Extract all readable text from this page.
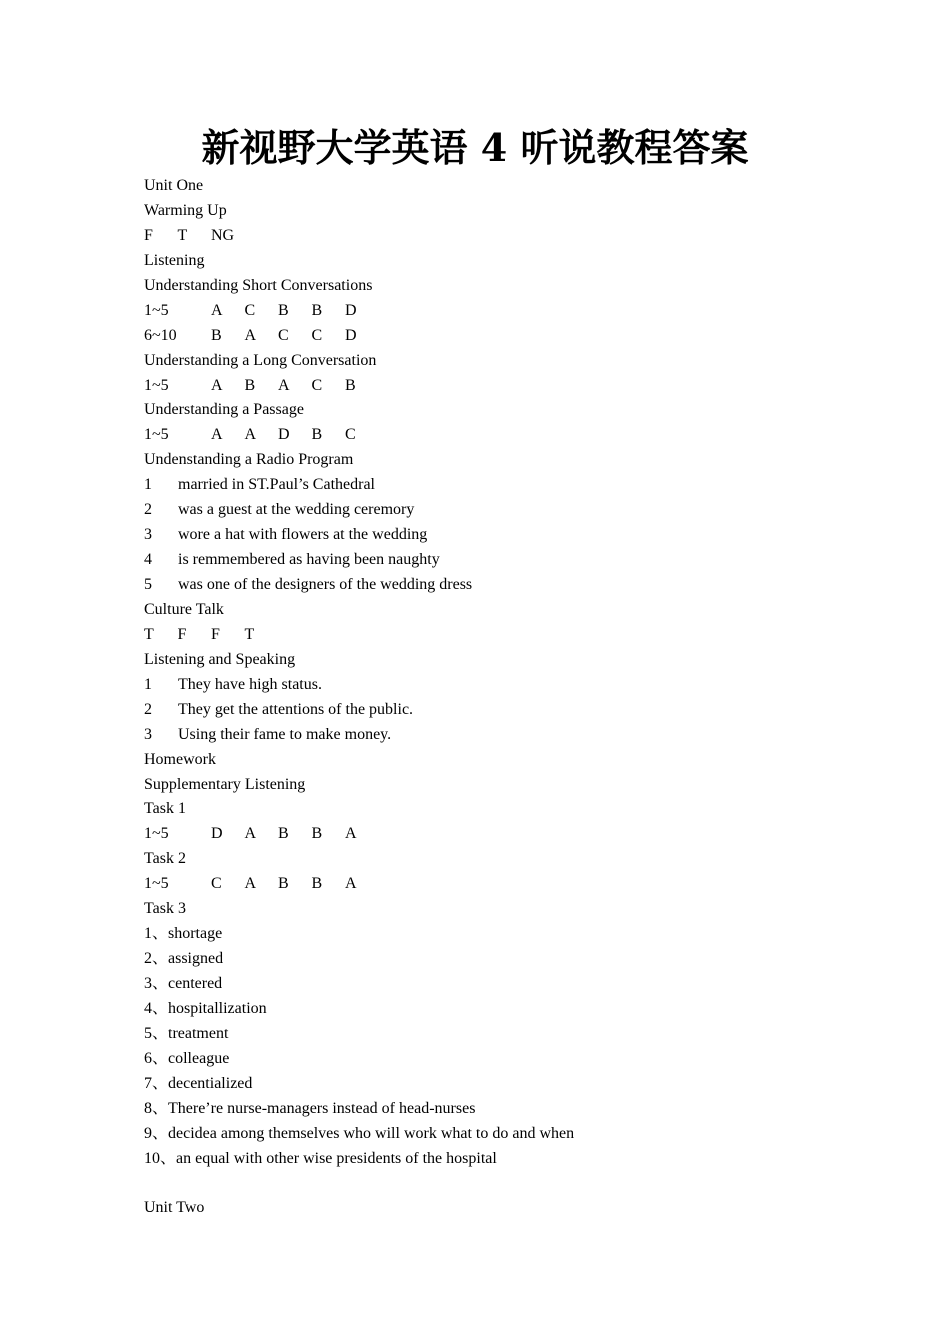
新视野大学英语 4 听说教程答案
Unit One
Warming Up
F T NG
Listening
Understanding Short Conversations
1~5	A C B B D
6~10 B A C C D
Understanding a Long Conversation
1~5	A B A C B
Understanding a Passage
1~5	A A D B C
Undenstanding a Radio Program
1 married in ST.Paul’s Cathedral
2 was a guest at the wedding ceremory
3 wore a hat with flowers at the wedding
4 is remmembered as having been naughty
5 was one of the designers of the wedding dress
Culture Talk
T F F T
Listening and Speaking
1 They have high status.
2 They get the attentions of the public.
3 Using their fame to make money.
Homework
Supplementary Listening
Task 1
1~5	D A B B A
Task 2
1~5	C A B B A
Task 3
1、shortage
2、assigned
3、centered
4、hospitallization
5、treatment
6、colleague
7、decentialized
8、There’re nurse-managers instead of head-nurses
9、decidea among themselves who will work what to do and when
10、an equal with other wise presidents of the hospital
Unit Two
